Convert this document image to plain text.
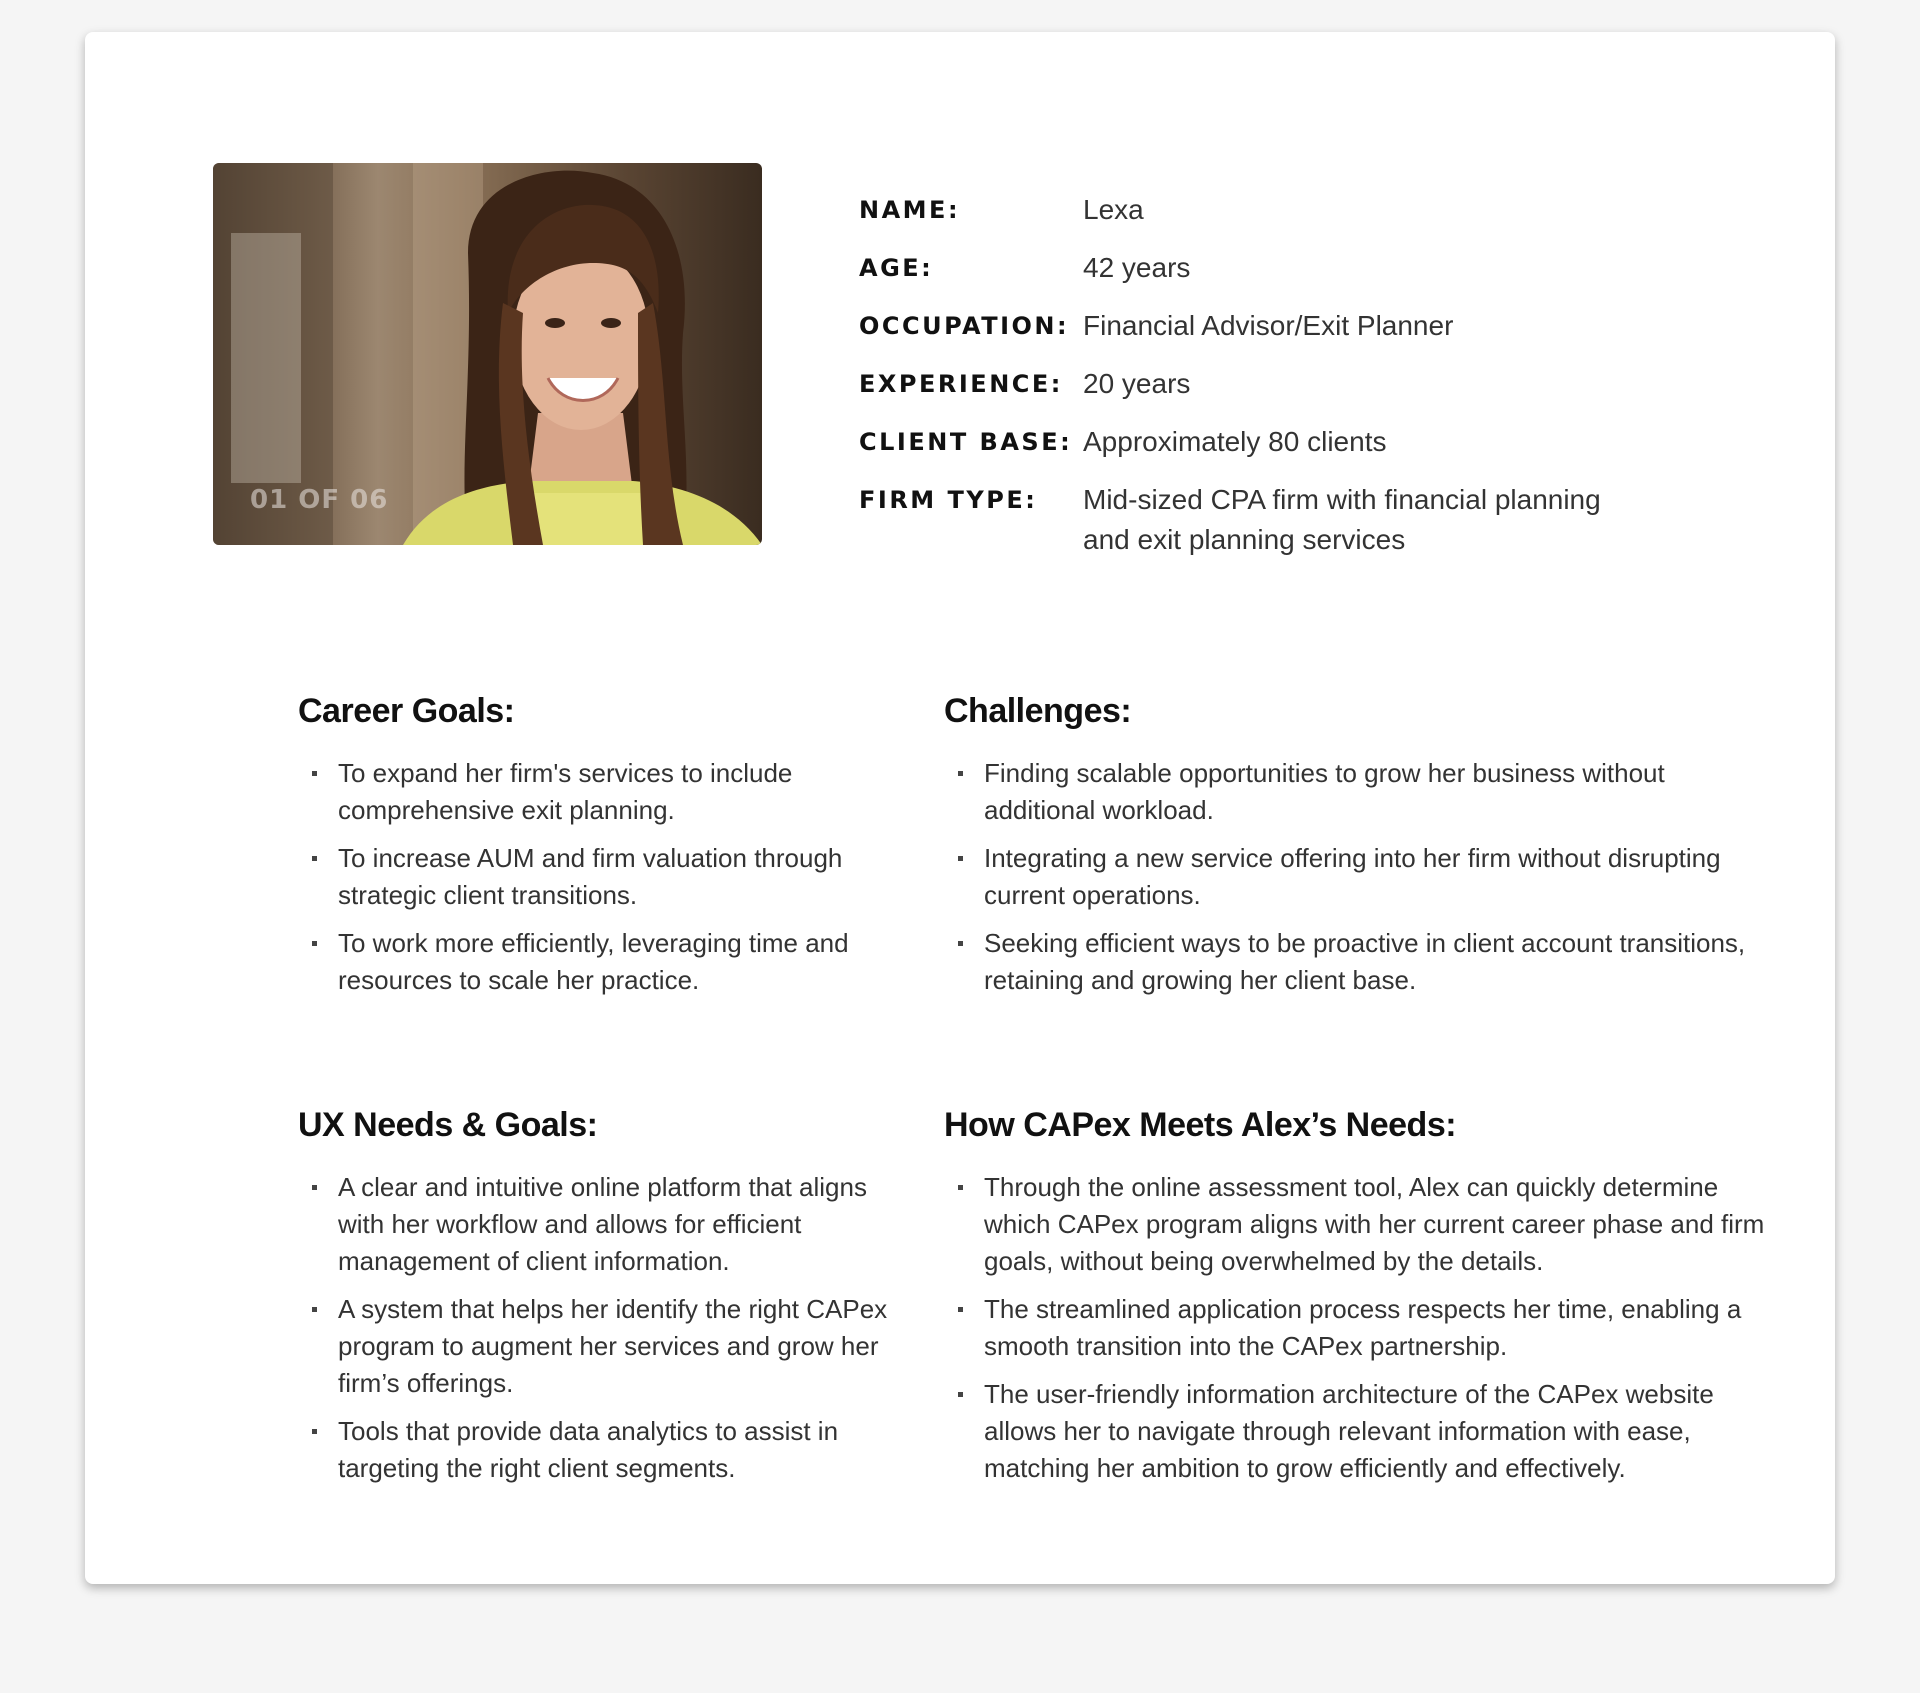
01 OF 06
NAME:	Lexa
AGE:	42 years
OCCUPATION: Financial Advisor/Exit Planner
EXPERIENCE: 20 years
CLIENT BASE: Approximately 80 clients
FIRM TYPE:	Mid-sized CPA firm with financial planning and exit planning services
Career Goals:
To expand her firm's services to include comprehensive exit planning.
To increase AUM and firm valuation through strategic client transitions.
To work more efficiently, leveraging time and resources to scale her practice.
Challenges:
Finding scalable opportunities to grow her business without additional workload.
Integrating a new service offering into her firm without disrupting current operations.
Seeking efficient ways to be proactive in client account transitions, retaining and growing her client base.
UX Needs & Goals:
A clear and intuitive online platform that aligns with her workflow and allows for efficient management of client information.
A system that helps her identify the right CAPex program to augment her services and grow her firm’s offerings.
Tools that provide data analytics to assist in targeting the right client segments.
How CAPex Meets Alex’s Needs:
Through the online assessment tool, Alex can quickly determine which CAPex program aligns with her current career phase and firm goals, without being overwhelmed by the details.
The streamlined application process respects her time, enabling a smooth transition into the CAPex partnership.
The user-friendly information architecture of the CAPex website allows her to navigate through relevant information with ease, matching her ambition to grow efficiently and effectively.
